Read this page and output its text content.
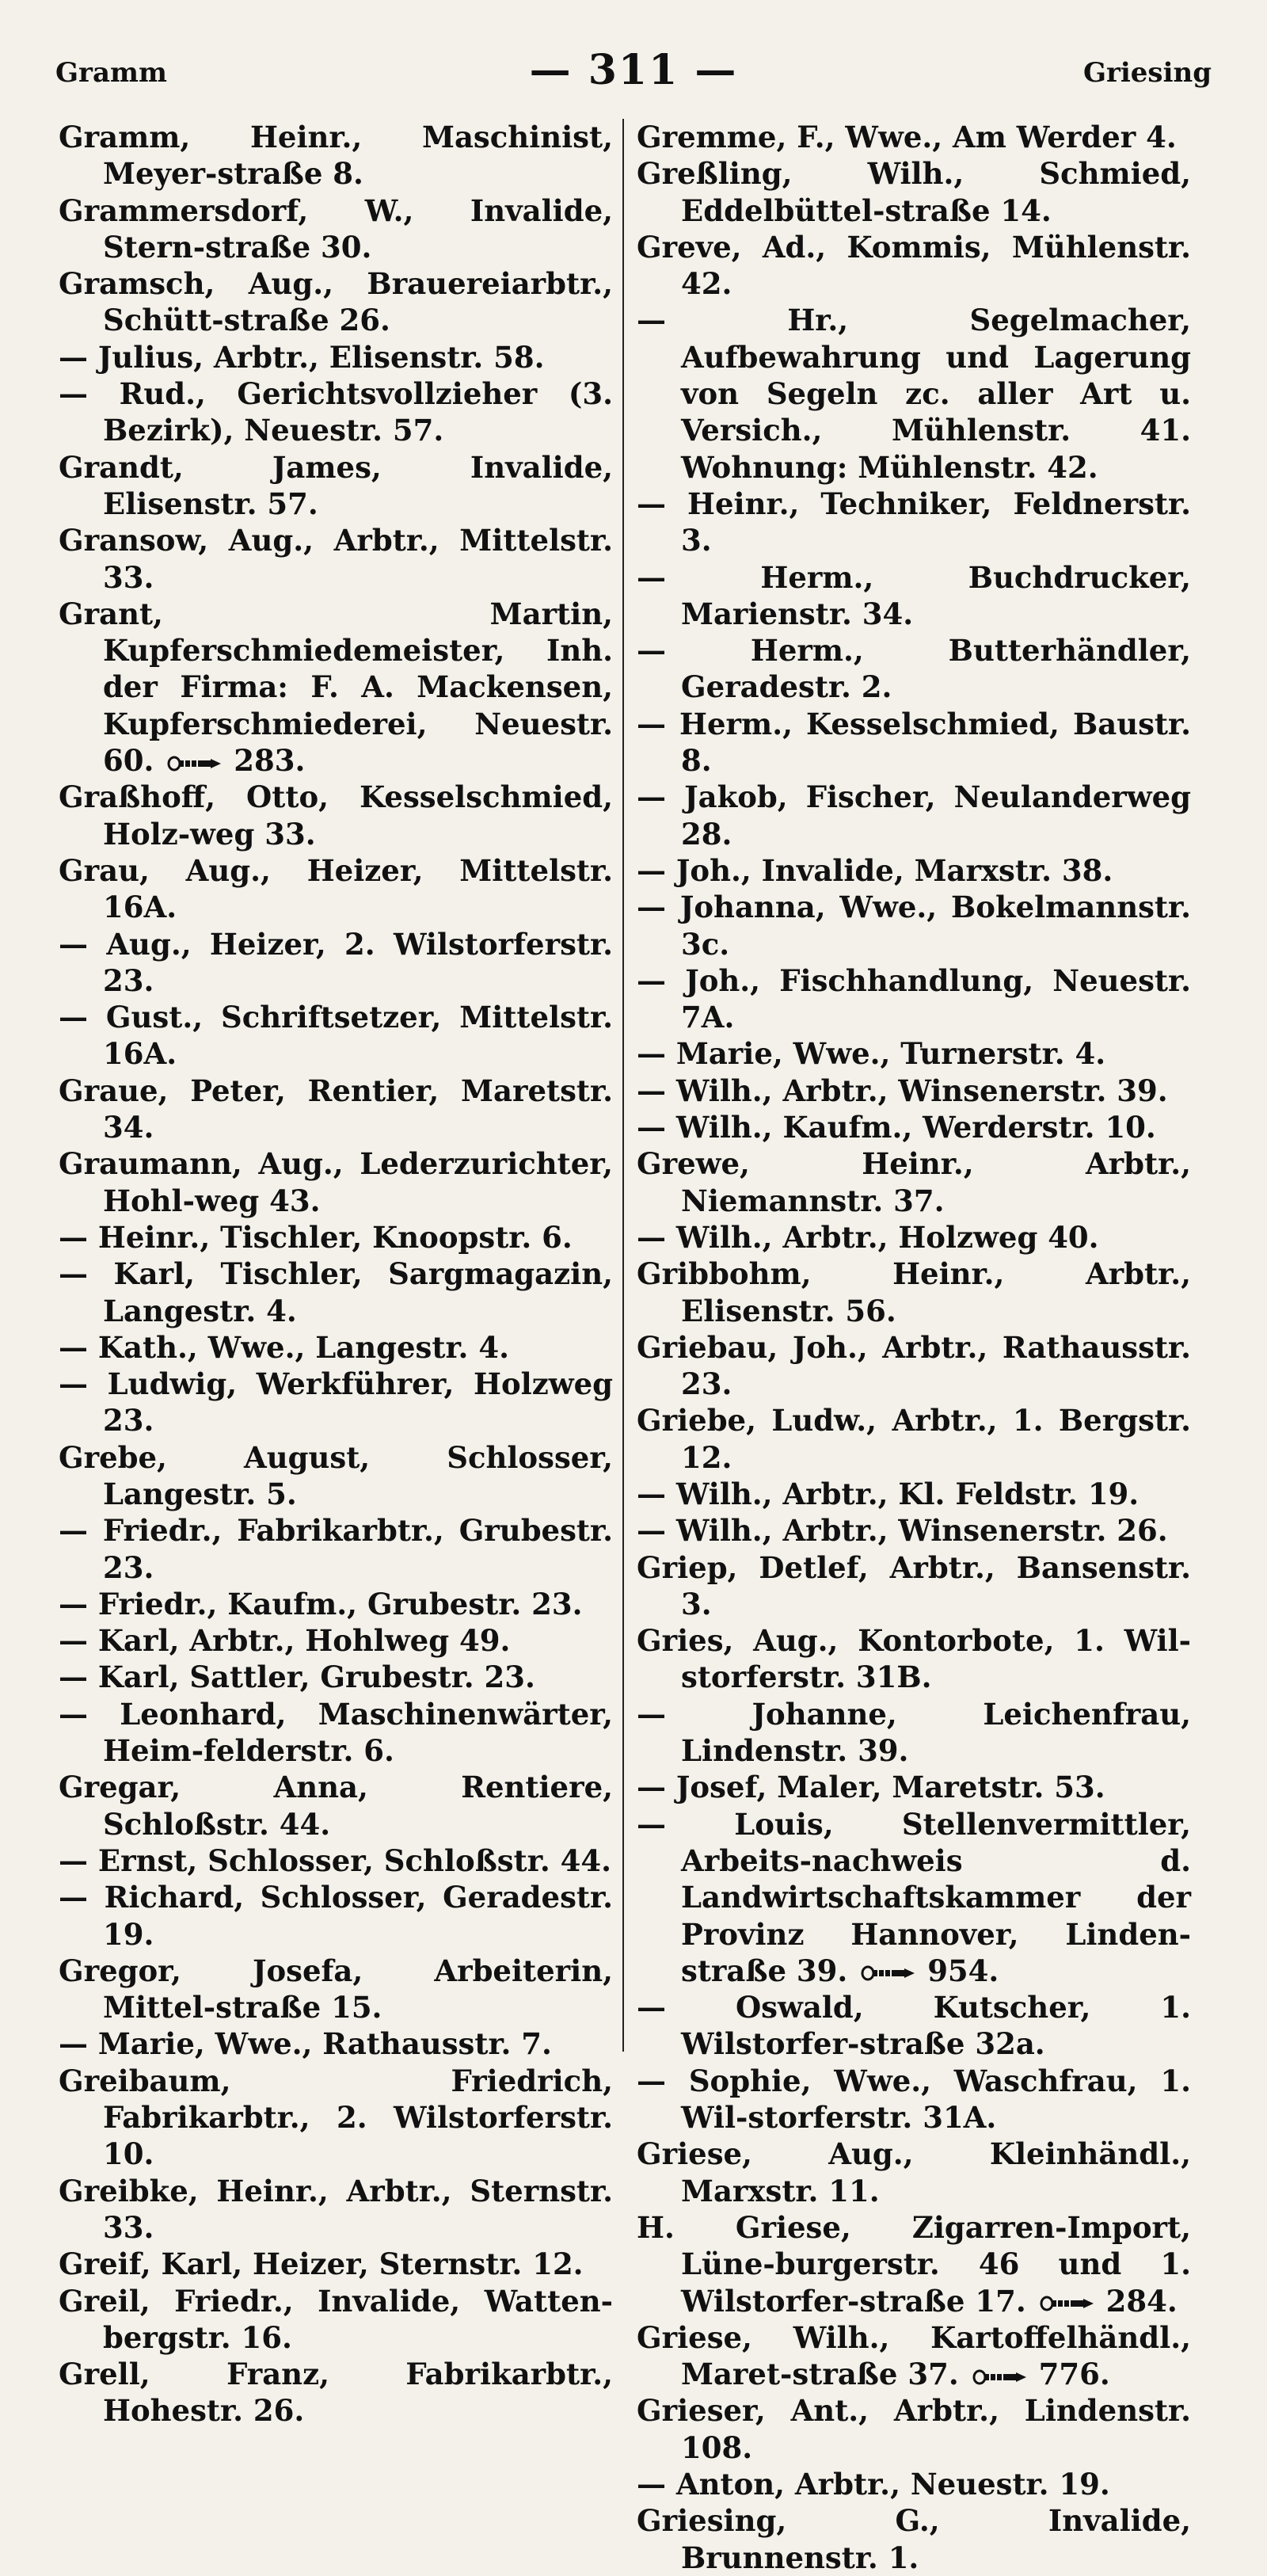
Gramm	— 311 —	Griesing

Gramm, Heinr., Maschinist, Meyer-straße 8.

Grammersdorf, W., Invalide, Stern-straße 30.

Gramsch, Aug., Brauereiarbtr., Schütt-straße 26.

— Julius, Arbtr., Elisenstr. 58.

— Rud., Gerichtsvollzieher (3. Bezirk), Neuestr. 57.

Grandt, James, Invalide, Elisenstr. 57.

Gransow, Aug., Arbtr., Mittelstr. 33.

Grant, Martin, Kupferschmiedemeister, Inh. der Firma: F. A. Mackensen, Kupferschmiederei, Neuestr. 60.	283.

Graßhoff, Otto, Kesselschmied, Holz-weg 33.

Grau, Aug., Heizer, Mittelstr. 16A.

— Aug., Heizer, 2. Wilstorferstr. 23.

— Gust., Schriftsetzer, Mittelstr. 16A.

Graue, Peter, Rentier, Maretstr. 34.

Graumann, Aug., Lederzurichter, Hohl-weg 43.

— Heinr., Tischler, Knoopstr. 6.

— Karl, Tischler, Sargmagazin, Langestr. 4.

— Kath., Wwe., Langestr. 4.

— Ludwig, Werkführer, Holzweg 23.

Grebe, August, Schlosser, Langestr. 5.

— Friedr., Fabrikarbtr., Grubestr. 23.

— Friedr., Kaufm., Grubestr. 23.

— Karl, Arbtr., Hohlweg 49.

— Karl, Sattler, Grubestr. 23.

— Leonhard, Maschinenwärter, Heim-felderstr. 6.

Gregar, Anna, Rentiere, Schloßstr. 44.

— Ernst, Schlosser, Schloßstr. 44.

— Richard, Schlosser, Geradestr. 19.

Gregor, Josefa, Arbeiterin, Mittel-straße 15.

— Marie, Wwe., Rathausstr. 7.

Greibaum, Friedrich, Fabrikarbtr., 2. Wilstorferstr. 10.

Greibke, Heinr., Arbtr., Sternstr. 33.

Greif, Karl, Heizer, Sternstr. 12.

Greil, Friedr., Invalide, Watten-bergstr. 16.

Grell, Franz, Fabrikarbtr., Hohestr. 26.

Gremme, F., Wwe., Am Werder 4.

Greßling, Wilh., Schmied, Eddelbüttel-straße 14.

Greve, Ad., Kommis, Mühlenstr. 42.

— Hr., Segelmacher, Aufbewahrung und Lagerung von Segeln zc. aller Art u. Versich., Mühlenstr. 41. Wohnung: Mühlenstr. 42.

— Heinr., Techniker, Feldnerstr. 3.

— Herm., Buchdrucker, Marienstr. 34.

— Herm., Butterhändler, Geradestr. 2.

— Herm., Kesselschmied, Baustr. 8.

— Jakob, Fischer, Neulanderweg 28.

— Joh., Invalide, Marxstr. 38.

— Johanna, Wwe., Bokelmannstr. 3c.

— Joh., Fischhandlung, Neuestr. 7A.

— Marie, Wwe., Turnerstr. 4.

— Wilh., Arbtr., Winsenerstr. 39.

— Wilh., Kaufm., Werderstr. 10.

Grewe, Heinr., Arbtr., Niemannstr. 37.

— Wilh., Arbtr., Holzweg 40.

Gribbohm, Heinr., Arbtr., Elisenstr. 56.

Griebau, Joh., Arbtr., Rathausstr. 23.

Griebe, Ludw., Arbtr., 1. Bergstr. 12.

— Wilh., Arbtr., Kl. Feldstr. 19.

— Wilh., Arbtr., Winsenerstr. 26.

Griep, Detlef, Arbtr., Bansenstr. 3.

Gries, Aug., Kontorbote, 1. Wil-storferstr. 31B.

— Johanne, Leichenfrau, Lindenstr. 39.

— Josef, Maler, Maretstr. 53.

— Louis, Stellenvermittler, Arbeits-nachweis d. Landwirtschaftskammer der Provinz Hannover, Linden-straße 39.	954.

— Oswald, Kutscher, 1. Wilstorfer-straße 32a.

— Sophie, Wwe., Waschfrau, 1. Wil-storferstr. 31A.

Griese, Aug., Kleinhändl., Marxstr. 11.

H. Griese, Zigarren-Import, Lüne-burgerstr. 46 und 1. Wilstorfer-straße 17.	284.

Griese, Wilh., Kartoffelhändl., Maret-straße 37.	776.

Grieser, Ant., Arbtr., Lindenstr. 108.

— Anton, Arbtr., Neuestr. 19.

Griesing, G., Invalide, Brunnenstr. 1.
